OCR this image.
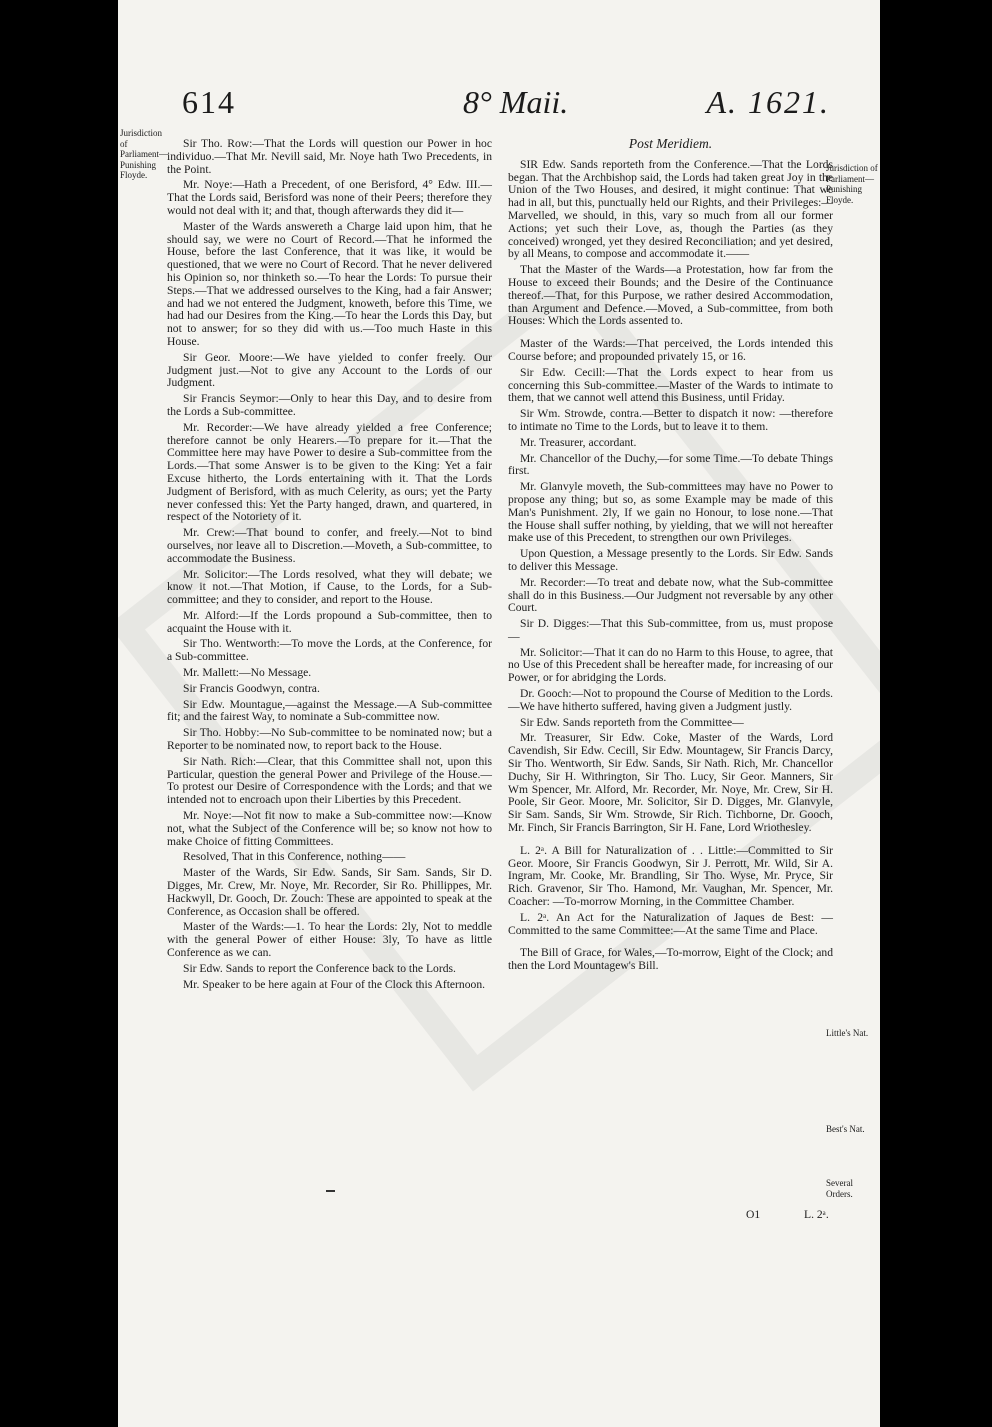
614	8° Maii.	A. 1621.
Jurisdiction of Parliament—Punishing Floyde.
Jurisdiction of Parliament—Punishing Floyde.
Little's Nat.
Best's Nat.
Several Orders.

Sir Tho. Row:—That the Lords will question our Power in hoc individuo.—That Mr. Nevill said, Mr. Noye hath Two Precedents, in the Point.

Mr. Noye:—Hath a Precedent, of one Berisford, 4° Edw. III.—That the Lords said, Berisford was none of their Peers; therefore they would not deal with it; and that, though afterwards they did it—

Master of the Wards answereth a Charge laid upon him, that he should say, we were no Court of Record.—That he informed the House, before the last Conference, that it was like, it would be questioned, that we were no Court of Record. That he never delivered his Opinion so, nor thinketh so.—To hear the Lords: To pursue their Steps.—That we addressed ourselves to the King, had a fair Answer; and had we not entered the Judgment, knoweth, before this Time, we had had our Desires from the King.—To hear the Lords this Day, but not to answer; for so they did with us.—Too much Haste in this House.

Sir Geor. Moore:—We have yielded to confer freely. Our Judgment just.—Not to give any Account to the Lords of our Judgment.

Sir Francis Seymor:—Only to hear this Day, and to desire from the Lords a Sub-committee.

Mr. Recorder:—We have already yielded a free Conference; therefore cannot be only Hearers.—To prepare for it.—That the Committee here may have Power to desire a Sub-committee from the Lords.—That some Answer is to be given to the King: Yet a fair Excuse hitherto, the Lords entertaining with it. That the Lords Judgment of Berisford, with as much Celerity, as ours; yet the Party never confessed this: Yet the Party hanged, drawn, and quartered, in respect of the Notoriety of it.

Mr. Crew:—That bound to confer, and freely.—Not to bind ourselves, nor leave all to Discretion.—Moveth, a Sub-committee, to accommodate the Business.

Mr. Solicitor:—The Lords resolved, what they will debate; we know it not.—That Motion, if Cause, to the Lords, for a Sub-committee; and they to consider, and report to the House.

Mr. Alford:—If the Lords propound a Sub-committee, then to acquaint the House with it.

Sir Tho. Wentworth:—To move the Lords, at the Conference, for a Sub-committee.

Mr. Mallett:—No Message.

Sir Francis Goodwyn, contra.

Sir Edw. Mountague,—against the Message.—A Sub-committee fit; and the fairest Way, to nominate a Sub-committee now.

Sir Tho. Hobby:—No Sub-committee to be nominated now; but a Reporter to be nominated now, to report back to the House.

Sir Nath. Rich:—Clear, that this Committee shall not, upon this Particular, question the general Power and Privilege of the House.—To protest our Desire of Correspondence with the Lords; and that we intended not to encroach upon their Liberties by this Precedent.

Mr. Noye:—Not fit now to make a Sub-committee now:—Know not, what the Subject of the Conference will be; so know not how to make Choice of fitting Committees.

Resolved, That in this Conference, nothing——

Master of the Wards, Sir Edw. Sands, Sir Sam. Sands, Sir D. Digges, Mr. Crew, Mr. Noye, Mr. Recorder, Sir Ro. Phillippes, Mr. Hackwyll, Dr. Gooch, Dr. Zouch: These are appointed to speak at the Conference, as Occasion shall be offered.

Master of the Wards:—1. To hear the Lords: 2ly, Not to meddle with the general Power of either House: 3ly, To have as little Conference as we can.

Sir Edw. Sands to report the Conference back to the Lords.

Mr. Speaker to be here again at Four of the Clock this Afternoon.

Post Meridiem.

SIR Edw. Sands reporteth from the Conference.—That the Lords began. That the Archbishop said, the Lords had taken great Joy in the Union of the Two Houses, and desired, it might continue: That we had in all, but this, punctually held our Rights, and their Privileges:—Marvelled, we should, in this, vary so much from all our former Actions; yet such their Love, as, though the Parties (as they conceived) wronged, yet they desired Reconciliation; and yet desired, by all Means, to compose and accommodate it.——

That the Master of the Wards—a Protestation, how far from the House to exceed their Bounds; and the Desire of the Continuance thereof.—That, for this Purpose, we rather desired Accommodation, than Argument and Defence.—Moved, a Sub-committee, from both Houses: Which the Lords assented to.

Master of the Wards:—That perceived, the Lords intended this Course before; and propounded privately 15, or 16.

Sir Edw. Cecill:—That the Lords expect to hear from us concerning this Sub-committee.—Master of the Wards to intimate to them, that we cannot well attend this Business, until Friday.

Sir Wm. Strowde, contra.—Better to dispatch it now: —therefore to intimate no Time to the Lords, but to leave it to them.

Mr. Treasurer, accordant.

Mr. Chancellor of the Duchy,—for some Time.—To debate Things first.

Mr. Glanvyle moveth, the Sub-committees may have no Power to propose any thing; but so, as some Example may be made of this Man's Punishment. 2ly, If we gain no Honour, to lose none.—That the House shall suffer nothing, by yielding, that we will not hereafter make use of this Precedent, to strengthen our own Privileges.

Upon Question, a Message presently to the Lords. Sir Edw. Sands to deliver this Message.

Mr. Recorder:—To treat and debate now, what the Sub-committee shall do in this Business.—Our Judgment not reversable by any other Court.

Sir D. Digges:—That this Sub-committee, from us, must propose—

Mr. Solicitor:—That it can do no Harm to this House, to agree, that no Use of this Precedent shall be hereafter made, for increasing of our Power, or for abridging the Lords.

Dr. Gooch:—Not to propound the Course of Medition to the Lords.—We have hitherto suffered, having given a Judgment justly.

Sir Edw. Sands reporteth from the Committee—

Mr. Treasurer, Sir Edw. Coke, Master of the Wards, Lord Cavendish, Sir Edw. Cecill, Sir Edw. Mountagew, Sir Francis Darcy, Sir Tho. Wentworth, Sir Edw. Sands, Sir Nath. Rich, Mr. Chancellor Duchy, Sir H. Withrington, Sir Tho. Lucy, Sir Geor. Manners, Sir Wm Spencer, Mr. Alford, Mr. Recorder, Mr. Noye, Mr. Crew, Sir H. Poole, Sir Geor. Moore, Mr. Solicitor, Sir D. Digges, Mr. Glanvyle, Sir Sam. Sands, Sir Wm. Strowde, Sir Rich. Tichborne, Dr. Gooch, Mr. Finch, Sir Francis Barrington, Sir H. Fane, Lord Wriothesley.

L. 2ᵃ. A Bill for Naturalization of . . Little:—Committed to Sir Geor. Moore, Sir Francis Goodwyn, Sir J. Perrott, Mr. Wild, Sir A. Ingram, Mr. Cooke, Mr. Brandling, Sir Tho. Wyse, Mr. Pryce, Sir Rich. Gravenor, Sir Tho. Hamond, Mr. Vaughan, Mr. Spencer, Mr. Coacher: —To-morrow Morning, in the Committee Chamber.

L. 2ᵃ. An Act for the Naturalization of Jaques de Best: —Committed to the same Committee:—At the same Time and Place.

The Bill of Grace, for Wales,—To-morrow, Eight of the Clock; and then the Lord Mountagew's Bill.

O1	L. 2ᵃ.
